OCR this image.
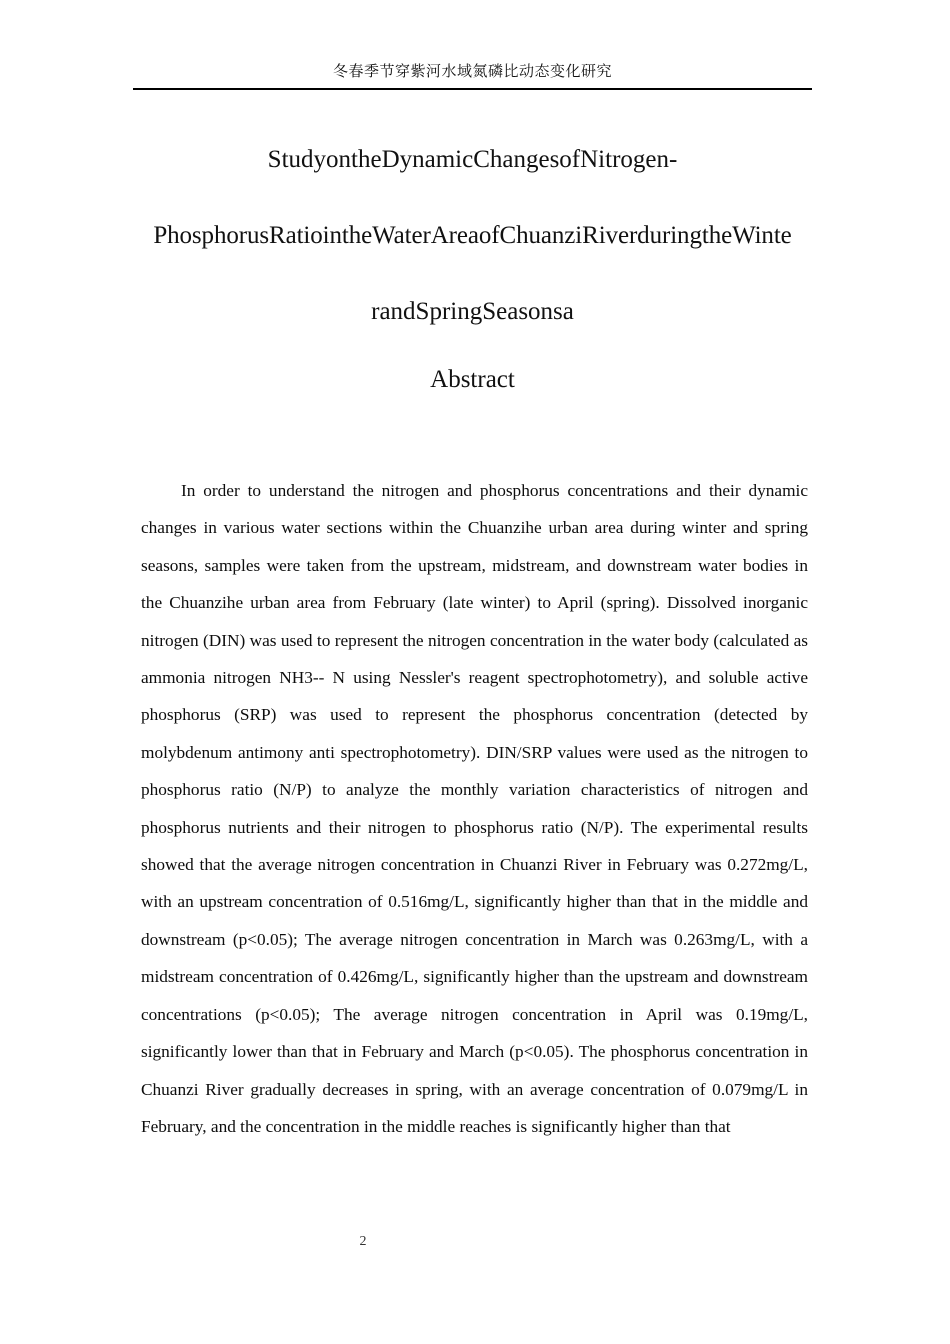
冬春季节穿紫河水域氮磷比动态变化研究
StudyontheDynamicChangesofNitrogen-
PhosphorusRatiointheWaterAreaofChuanziRiverduringtheWinte
randSpringSeasonsa
Abstract

In order to understand the nitrogen and phosphorus concentrations and their dynamic changes in various water sections within the Chuanzihe urban area during winter and spring seasons, samples were taken from the upstream, midstream, and downstream water bodies in the Chuanzihe urban area from February (late winter) to April (spring). Dissolved inorganic nitrogen (DIN) was used to represent the nitrogen concentration in the water body (calculated as ammonia nitrogen NH3-- N using Nessler's reagent spectrophotometry), and soluble active phosphorus (SRP) was used to represent the phosphorus concentration (detected by molybdenum antimony anti spectrophotometry). DIN/SRP values were used as the nitrogen to phosphorus ratio (N/P) to analyze the monthly variation characteristics of nitrogen and phosphorus nutrients and their nitrogen to phosphorus ratio (N/P). The experimental results showed that the average nitrogen concentration in Chuanzi River in February was 0.272mg/L, with an upstream concentration of 0.516mg/L, significantly higher than that in the middle and downstream (p<0.05); The average nitrogen concentration in March was 0.263mg/L, with a midstream concentration of 0.426mg/L, significantly higher than the upstream and downstream concentrations (p<0.05); The average nitrogen concentration in April was 0.19mg/L, significantly lower than that in February and March (p<0.05). The phosphorus concentration in Chuanzi River gradually decreases in spring, with an average concentration of 0.079mg/L in February, and the concentration in the middle reaches is significantly higher than that

2
